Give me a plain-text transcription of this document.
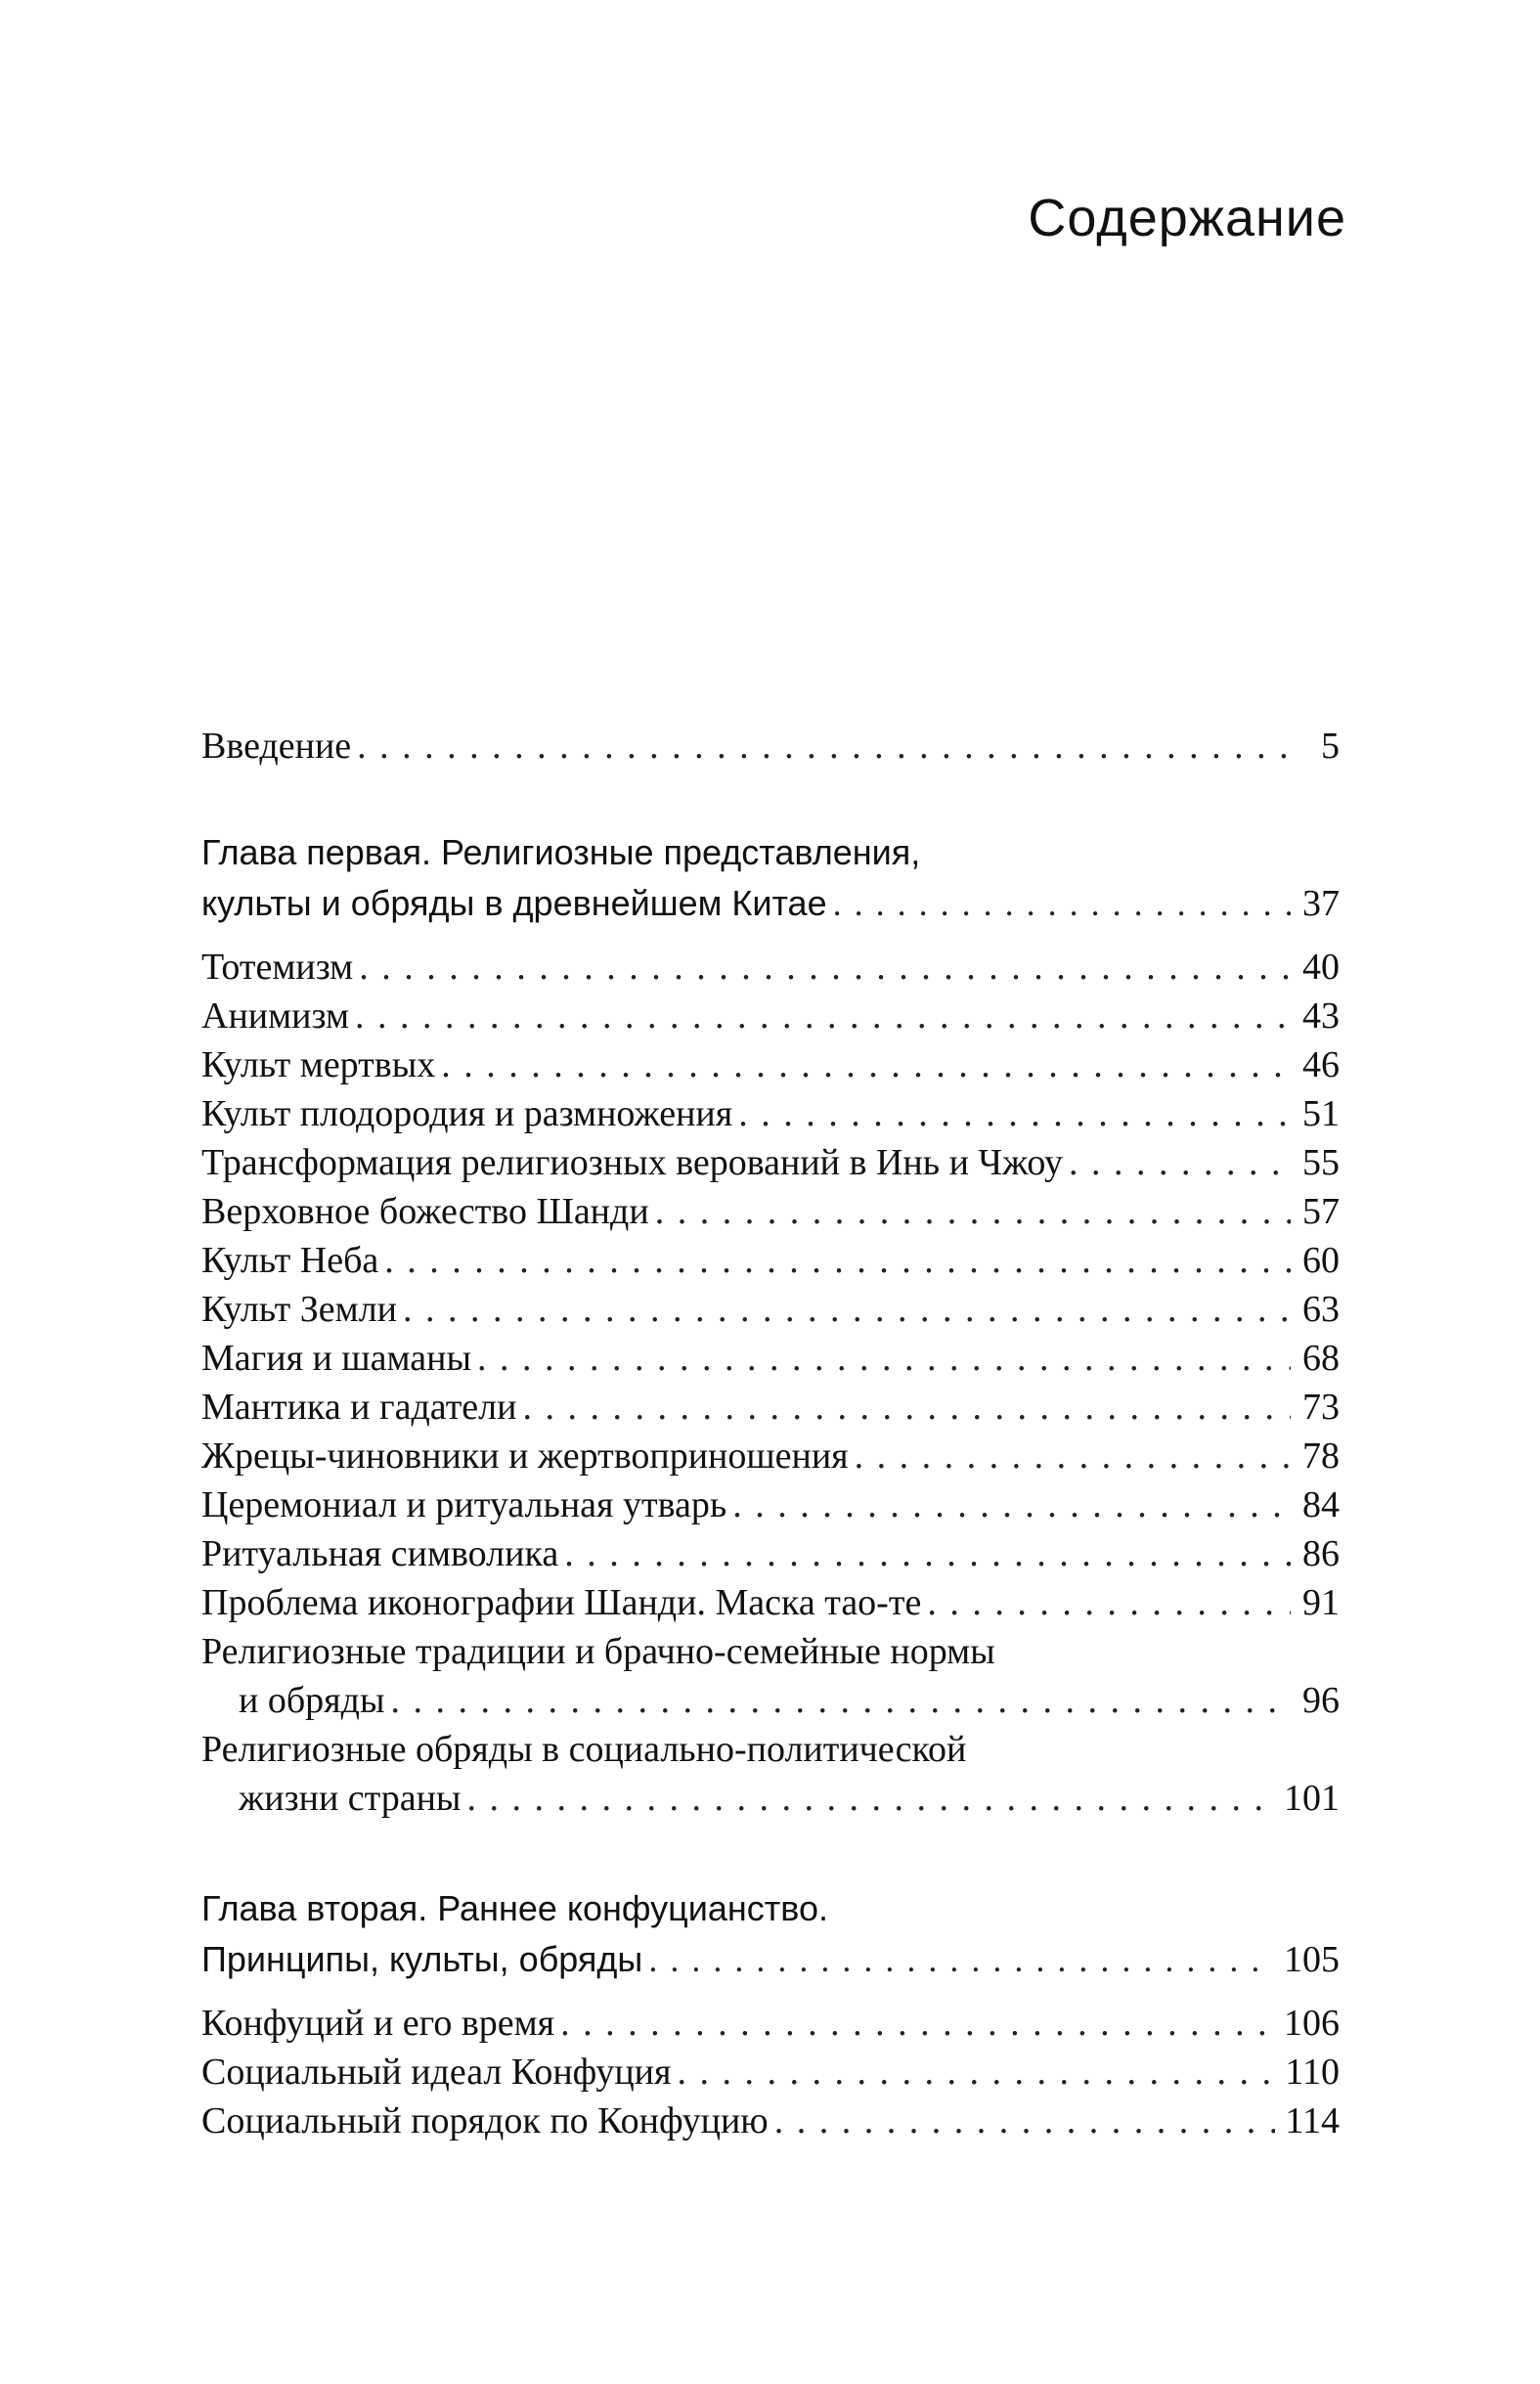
Содержание
Введение . . .	5
Глава первая. Религиозные представления,
культы и обряды в древнейшем Китае . . .	37
Тотемизм . . .	40
Анимизм . . .	43
Культ мертвых . . .	46
Культ плодородия и размножения . . .	51
Трансформация религиозных верований в Инь и Чжоу . . .	55
Верховное божество Шанди . . .	57
Культ Неба . . .	60
Культ Земли . . .	63
Магия и шаманы . . .	68
Мантика и гадатели . . .	73
Жрецы-чиновники и жертвоприношения . . .	78
Церемониал и ритуальная утварь . . .	84
Ритуальная символика . . .	86
Проблема иконографии Шанди. Маска тао-те . . .	91
Религиозные традиции и брачно-семейные нормы
и обряды . . .	96
Религиозные обряды в социально-политической
жизни страны . . .	101
Глава вторая. Раннее конфуцианство.
Принципы, культы, обряды . . .	105
Конфуций и его время . . .	106
Социальный идеал Конфуция . . .	110
Социальный порядок по Конфуцию . . .	114
